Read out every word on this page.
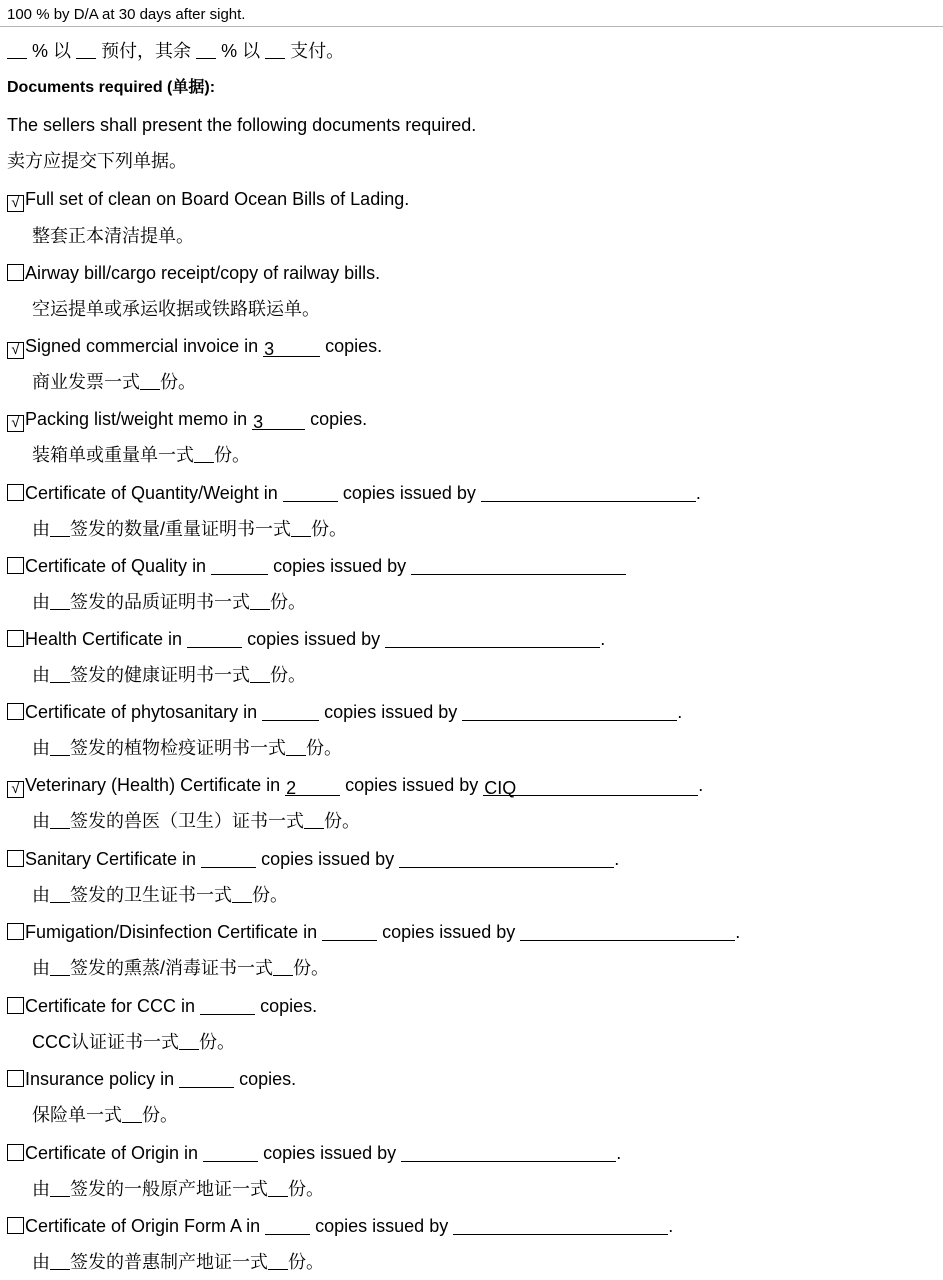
100 % by D/A at 30 days after sight.
% 以 预付，其余 % 以 支付。
Documents required (单据):
The sellers shall present the following documents required.
卖方应提交下列单据。
√ Full set of clean on Board Ocean Bills of Lading.
整套正本清洁提单。
Airway bill/cargo receipt/copy of railway bills.
空运提单或承运收据或铁路联运单。
√ Signed commercial invoice in 3	copies.
商业发票一式 份。
√ Packing list/weight memo in 3	copies.
装箱单或重量单一式 份。
Certificate of Quantity/Weight in	copies issued by	.
由 签发的数量/重量证明书一式 份。
Certificate of Quality in	copies issued by
由 签发的品质证明书一式 份。
Health Certificate in	copies issued by	.
由 签发的健康证明书一式 份。
Certificate of phytosanitary in	copies issued by	.
由 签发的植物检疫证明书一式 份。
√ Veterinary (Health) Certificate in 2	copies issued by CIQ	.
由 签发的兽医（卫生）证书一式 份。
Sanitary Certificate in	copies issued by	.
由 签发的卫生证书一式 份。
Fumigation/Disinfection Certificate in	copies issued by	.
由 签发的熏蒸/消毒证书一式 份。
Certificate for CCC in	copies.
CCC认证证书一式 份。
Insurance policy in	copies.
保险单一式 份。
Certificate of Origin in	copies issued by	.
由 签发的一般原产地证一式 份。
Certificate of Origin Form A in	copies issued by	.
由 签发的普惠制产地证一式 份。
